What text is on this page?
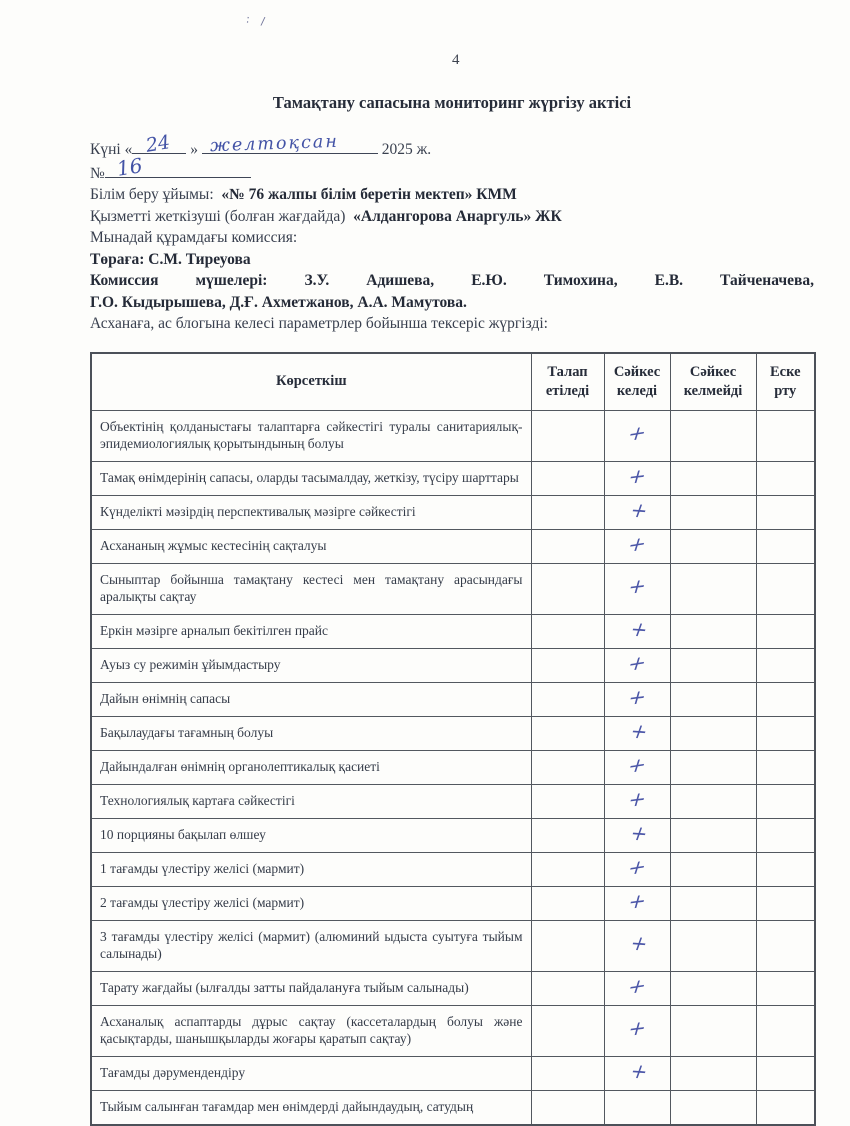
: ∕
4
Тамақтану сапасына мониторинг жүргізу актісі
Күні « 24 » желтоқсан	2025 ж.
№ 16
Білім беру ұйымы: «№ 76 жалпы білім беретін мектеп» КММ
Қызметті жеткізуші (болған жағдайда) «Алдангорова Анаргуль» ЖК
Мынадай құрамдағы комиссия:
Төраға: С.М. Тиреуова
Комиссия мүшелері: З.У. Адишева, Е.Ю. Тимохина, Е.В. Тайченачева,
Г.О. Кыдырышева, Д.Ғ. Ахметжанов, А.А. Мамутова.
Асханаға, ас блогына келесі параметрлер бойынша тексеріс жүргізді:
Көрсеткіш	Талап етіледі	Сәйкес келеді	Сәйкес келмейді	Еске рту
Объектінің қолданыстағы талаптарға сәйкестігі туралы санитариялық-эпидемиологиялық қорытындының болуы		+		
Тамақ өнімдерінің сапасы, оларды тасымалдау, жеткізу, түсіру шарттары		+		
Күнделікті мәзірдің перспективалық мәзірге сәйкестігі		+		
Асхананың жұмыс кестесінің сақталуы		+		
Сыныптар бойынша тамақтану кестесі мен тамақтану арасындағы аралықты сақтау		+		
Еркін мәзірге арналып бекітілген прайс		+		
Ауыз су режимін ұйымдастыру		+		
Дайын өнімнің сапасы		+		
Бақылаудағы тағамның болуы		+		
Дайындалған өнімнің органолептикалық қасиеті		+		
Технологиялық картаға сәйкестігі		+		
10 порцияны бақылап өлшеу		+		
1 тағамды үлестіру желісі (мармит)		+		
2 тағамды үлестіру желісі (мармит)		+		
3 тағамды үлестіру желісі (мармит) (алюминий ыдыста суытуға тыйым салынады)		+		
Тарату жағдайы (ылғалды затты пайдалануға тыйым салынады)		+		
Асханалық аспаптарды дұрыс сақтау (кассеталардың болуы және қасықтарды, шанышқыларды жоғары қаратып сақтау)		+		
Тағамды дәрумендендіру		+		
Тыйым салынған тағамдар мен өнімдерді дайындаудың, сатудың				
